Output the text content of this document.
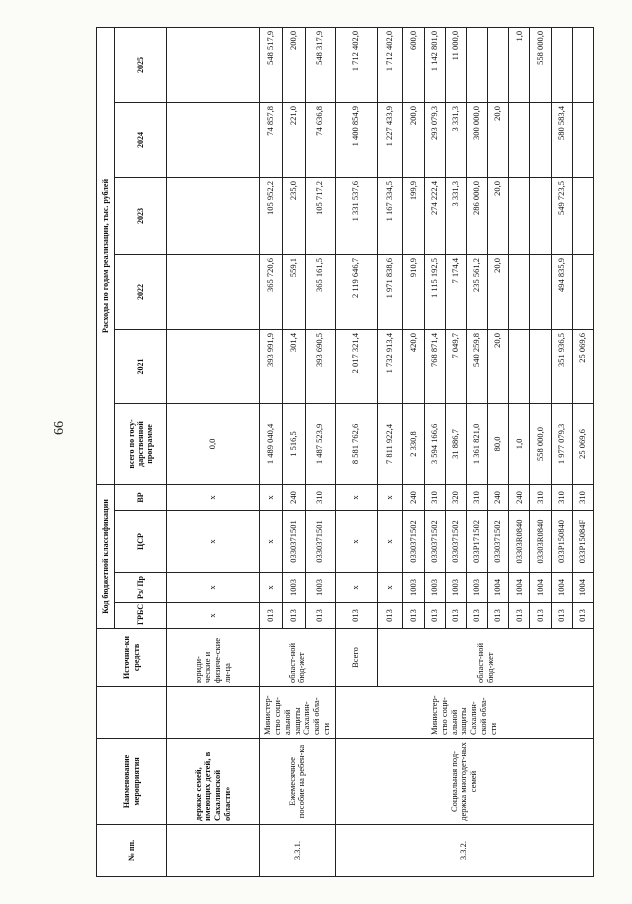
66
№ пп.	Наименование мероприятия		Источни-ки средств	Код бюджетной классификации				Расходы по годам реализации, тыс. рублей					
				ГРБС	Рз/ Пр	ЦСР	ВР	всего по госу-дарственной программе	2021	2022	2023	2024	2025
	держке семей, имеющих детей, в Сахалинской области»		юриди-ческие и физиче-ские ли-ца	x	x	x	x	0,0					
3.3.1.	Ежемесячное пособие на ребен-ка	Министер-ство соци-альной защиты Сахалин-ской обла-сти	област-ной бюд-жет	013	x	x	x	1 489 040,4	393 991,9	365 720,6	105 952,2	74 857,8	548 517,9
				013	1003	0330371501	240	1 516,5	301,4	559,1	235,0	221,0	200,0
				013	1003	0330371501	310	1 487 523,9	393 690,5	365 161,5	105 717,2	74 636,8	548 317,9
3.3.2.	Социальная под-держка многодет-ных семей	Министер-ство соци-альной защиты Сахалин-ской обла-сти	Всего	013	x	x	x	8 581 762,6	2 017 321,4	2 119 646,7	1 331 537,6	1 400 854,9	1 712 402,0
			област-ной бюд-жет	013	x	x	x	7 811 922,4	1 732 913,4	1 971 838,6	1 167 334,5	1 227 433,9	1 712 402,0
				013	1003	0330371502	240	2 330,8	420,0	910,9	199,9	200,0	600,0
				013	1003	0330371502	310	3 594 166,6	768 871,4	1 115 192,5	274 222,4	293 079,3	1 142 801,0
				013	1003	0330371502	320	31 886,7	7 049,7	7 174,4	3 331,3	3 331,3	11 000,0
				013	1003	033P171502	310	1 361 821,0	540 259,8	235 561,2	286 000,0	300 000,0	
				013	1004	0330371502	240	80,0	20,0	20,0	20,0	20,0	
				013	1004	03303R0840	240	1,0					1,0
				013	1004	03303R0840	310	558 000,0					558 000,0
				013	1004	033P150840	310	1 977 079,3	351 936,5	494 835,9	549 723,5	580 583,4	
				013	1004	033P15084F	310	25 069,6	25 069,6				
